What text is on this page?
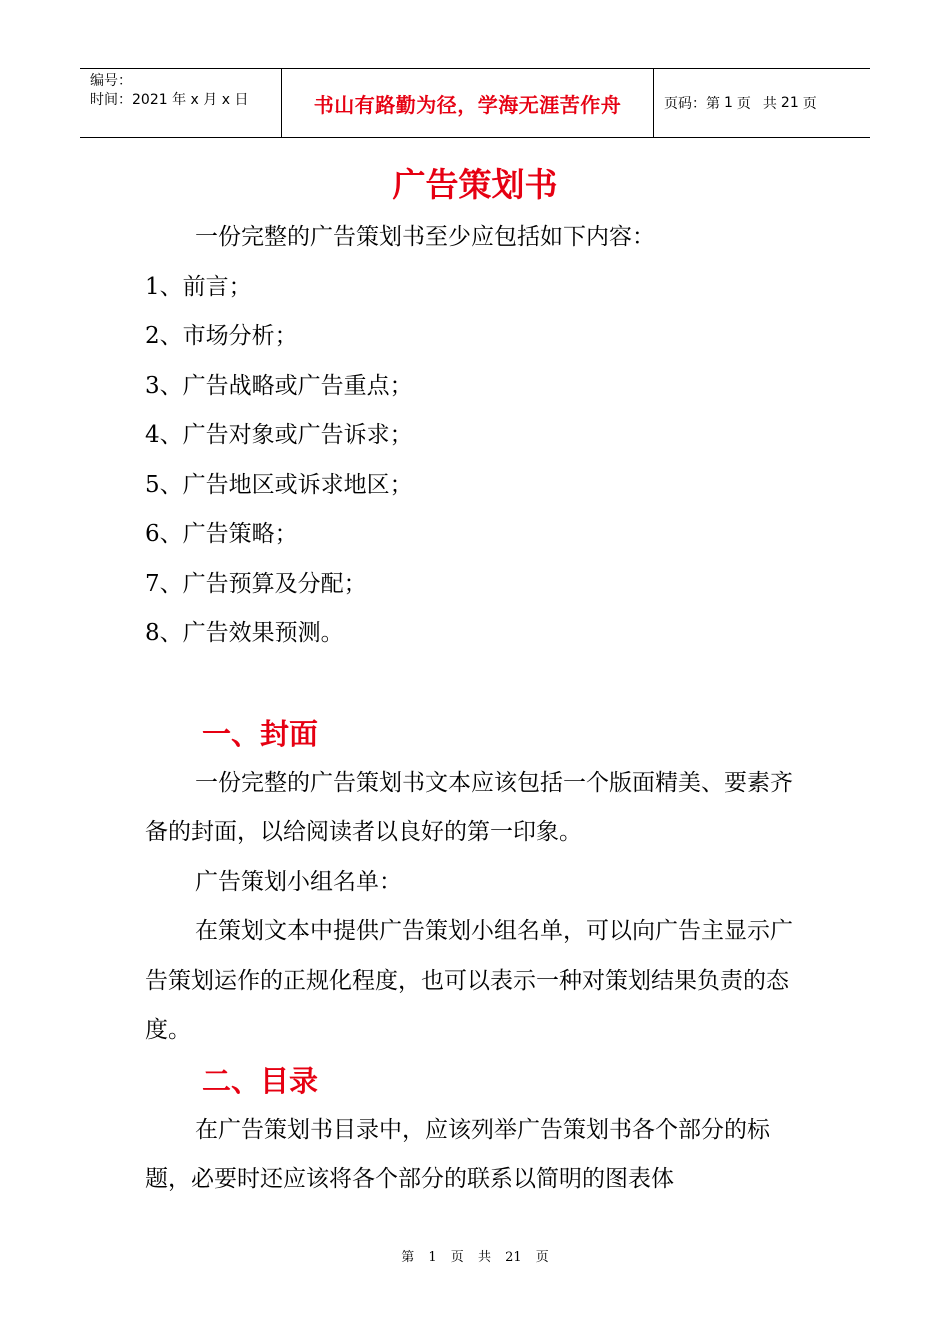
编号：
时间：2021 年 x 月 x 日	书山有路勤为径，学海无涯苦作舟	页码：第 1 页 共 21 页
广告策划书

一份完整的广告策划书至少应包括如下内容：

1、前言；

2、市场分析；

3、广告战略或广告重点；

4、广告对象或广告诉求；

5、广告地区或诉求地区；

6、广告策略；

7、广告预算及分配；

8、广告效果预测。

一、封面

一份完整的广告策划书文本应该包括一个版面精美、要素齐备的封面，以给阅读者以良好的第一印象。

广告策划小组名单：

在策划文本中提供广告策划小组名单，可以向广告主显示广告策划运作的正规化程度，也可以表示一种对策划结果负责的态度。

二、目录

在广告策划书目录中，应该列举广告策划书各个部分的标题，必要时还应该将各个部分的联系以简明的图表体

第 1 页 共 21 页
